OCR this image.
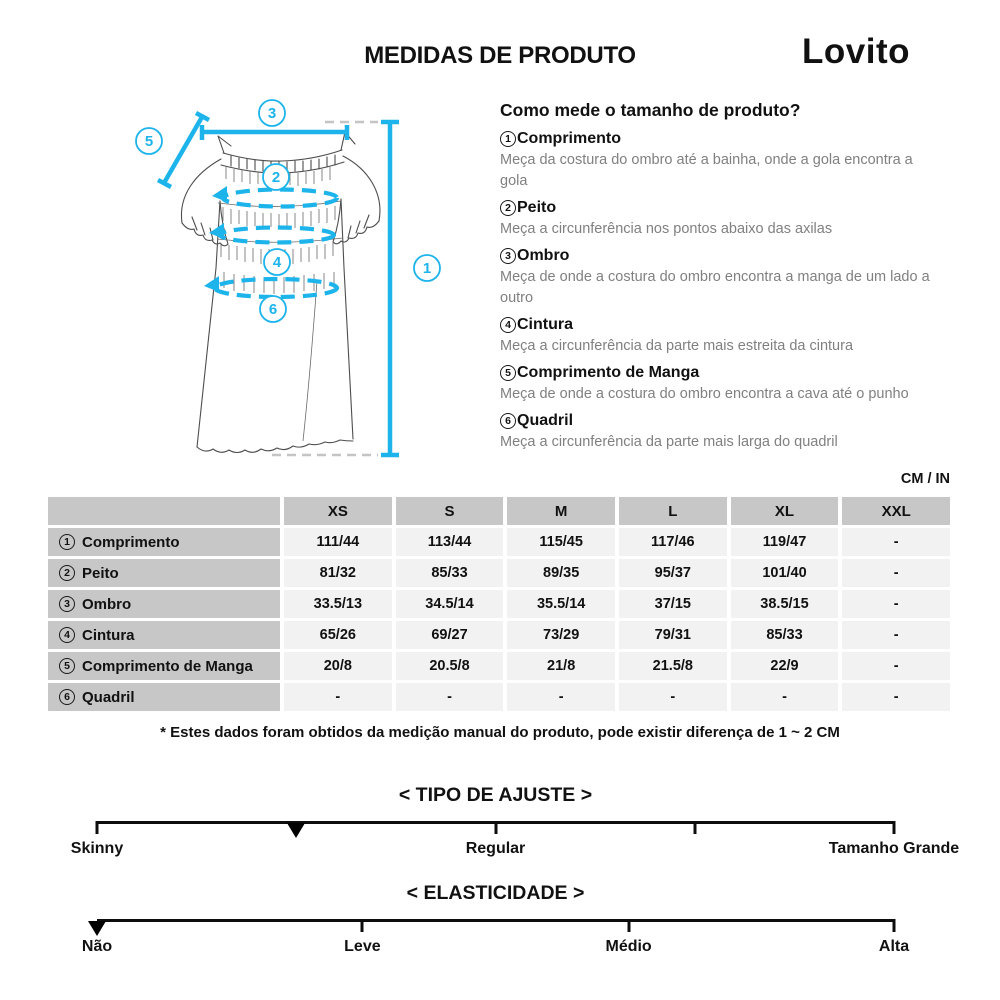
MEDIDAS DE PRODUTO	Lovito
3
5
2
4
6
1
Como mede o tamanho de produto?
1 Comprimento
Meça da costura do ombro até a bainha, onde a gola encontra a gola
2 Peito
Meça a circunferência nos pontos abaixo das axilas
3 Ombro
Meça de onde a costura do ombro encontra a manga de um lado a outro
4 Cintura
Meça a circunferência da parte mais estreita da cintura
5 Comprimento de Manga
Meça de onde a costura do ombro encontra a cava até o punho
6 Quadril
Meça a circunferência da parte mais larga do quadril
CM / IN
XS	S	M	L	XL	XXL
1 Comprimento	111/44	113/44	115/45	117/46	119/47	-
2 Peito	81/32	85/33	89/35	95/37	101/40	-
3 Ombro	33.5/13	34.5/14	35.5/14	37/15	38.5/15	-
4 Cintura	65/26	69/27	73/29	79/31	85/33	-
5 Comprimento de Manga	20/8	20.5/8	21/8	21.5/8	22/9	-
6 Quadril	-	-	-	-	-	-
* Estes dados foram obtidos da medição manual do produto, pode existir diferença de 1 ~ 2 CM
< TIPO DE AJUSTE >
Skinny	Regular	Tamanho Grande
< ELASTICIDADE >
Não	Leve	Médio	Alta
